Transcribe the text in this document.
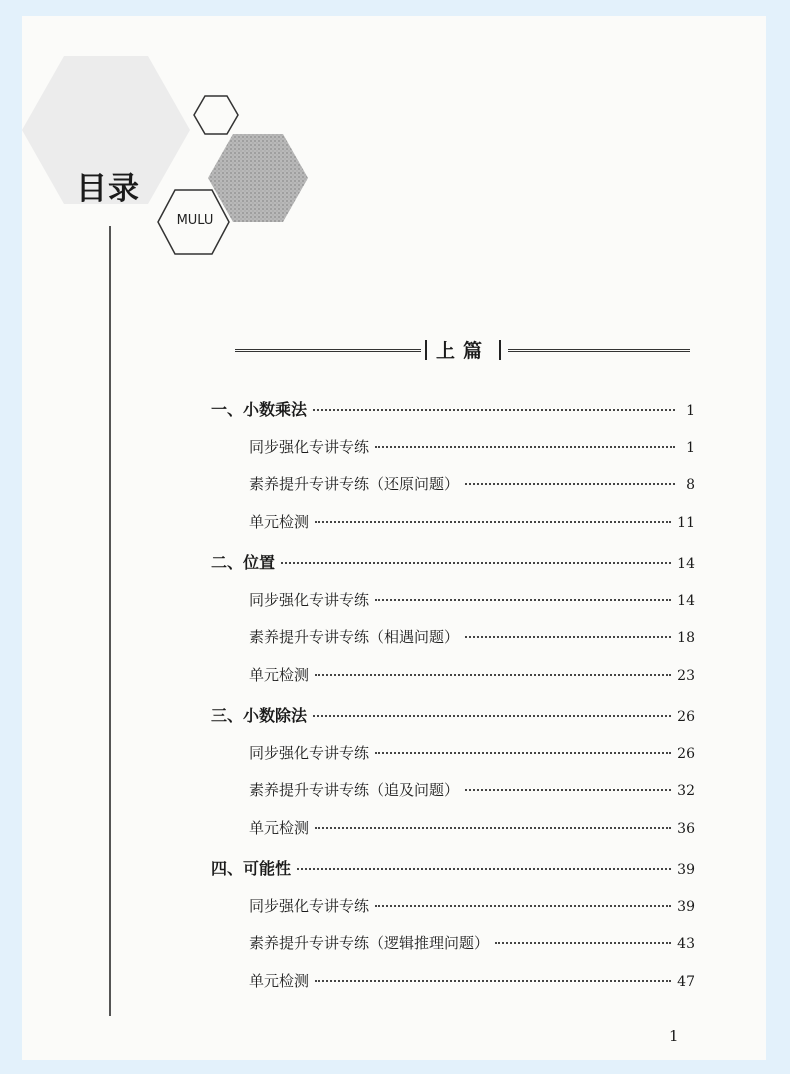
目录
MULU
上篇
一、小数乘法	1
同步强化专讲专练	1
素养提升专讲专练（还原问题）	8
单元检测	11
二、位置	14
同步强化专讲专练	14
素养提升专讲专练（相遇问题）	18
单元检测	23
三、小数除法	26
同步强化专讲专练	26
素养提升专讲专练（追及问题）	32
单元检测	36
四、可能性	39
同步强化专讲专练	39
素养提升专讲专练（逻辑推理问题）	43
单元检测	47
1
